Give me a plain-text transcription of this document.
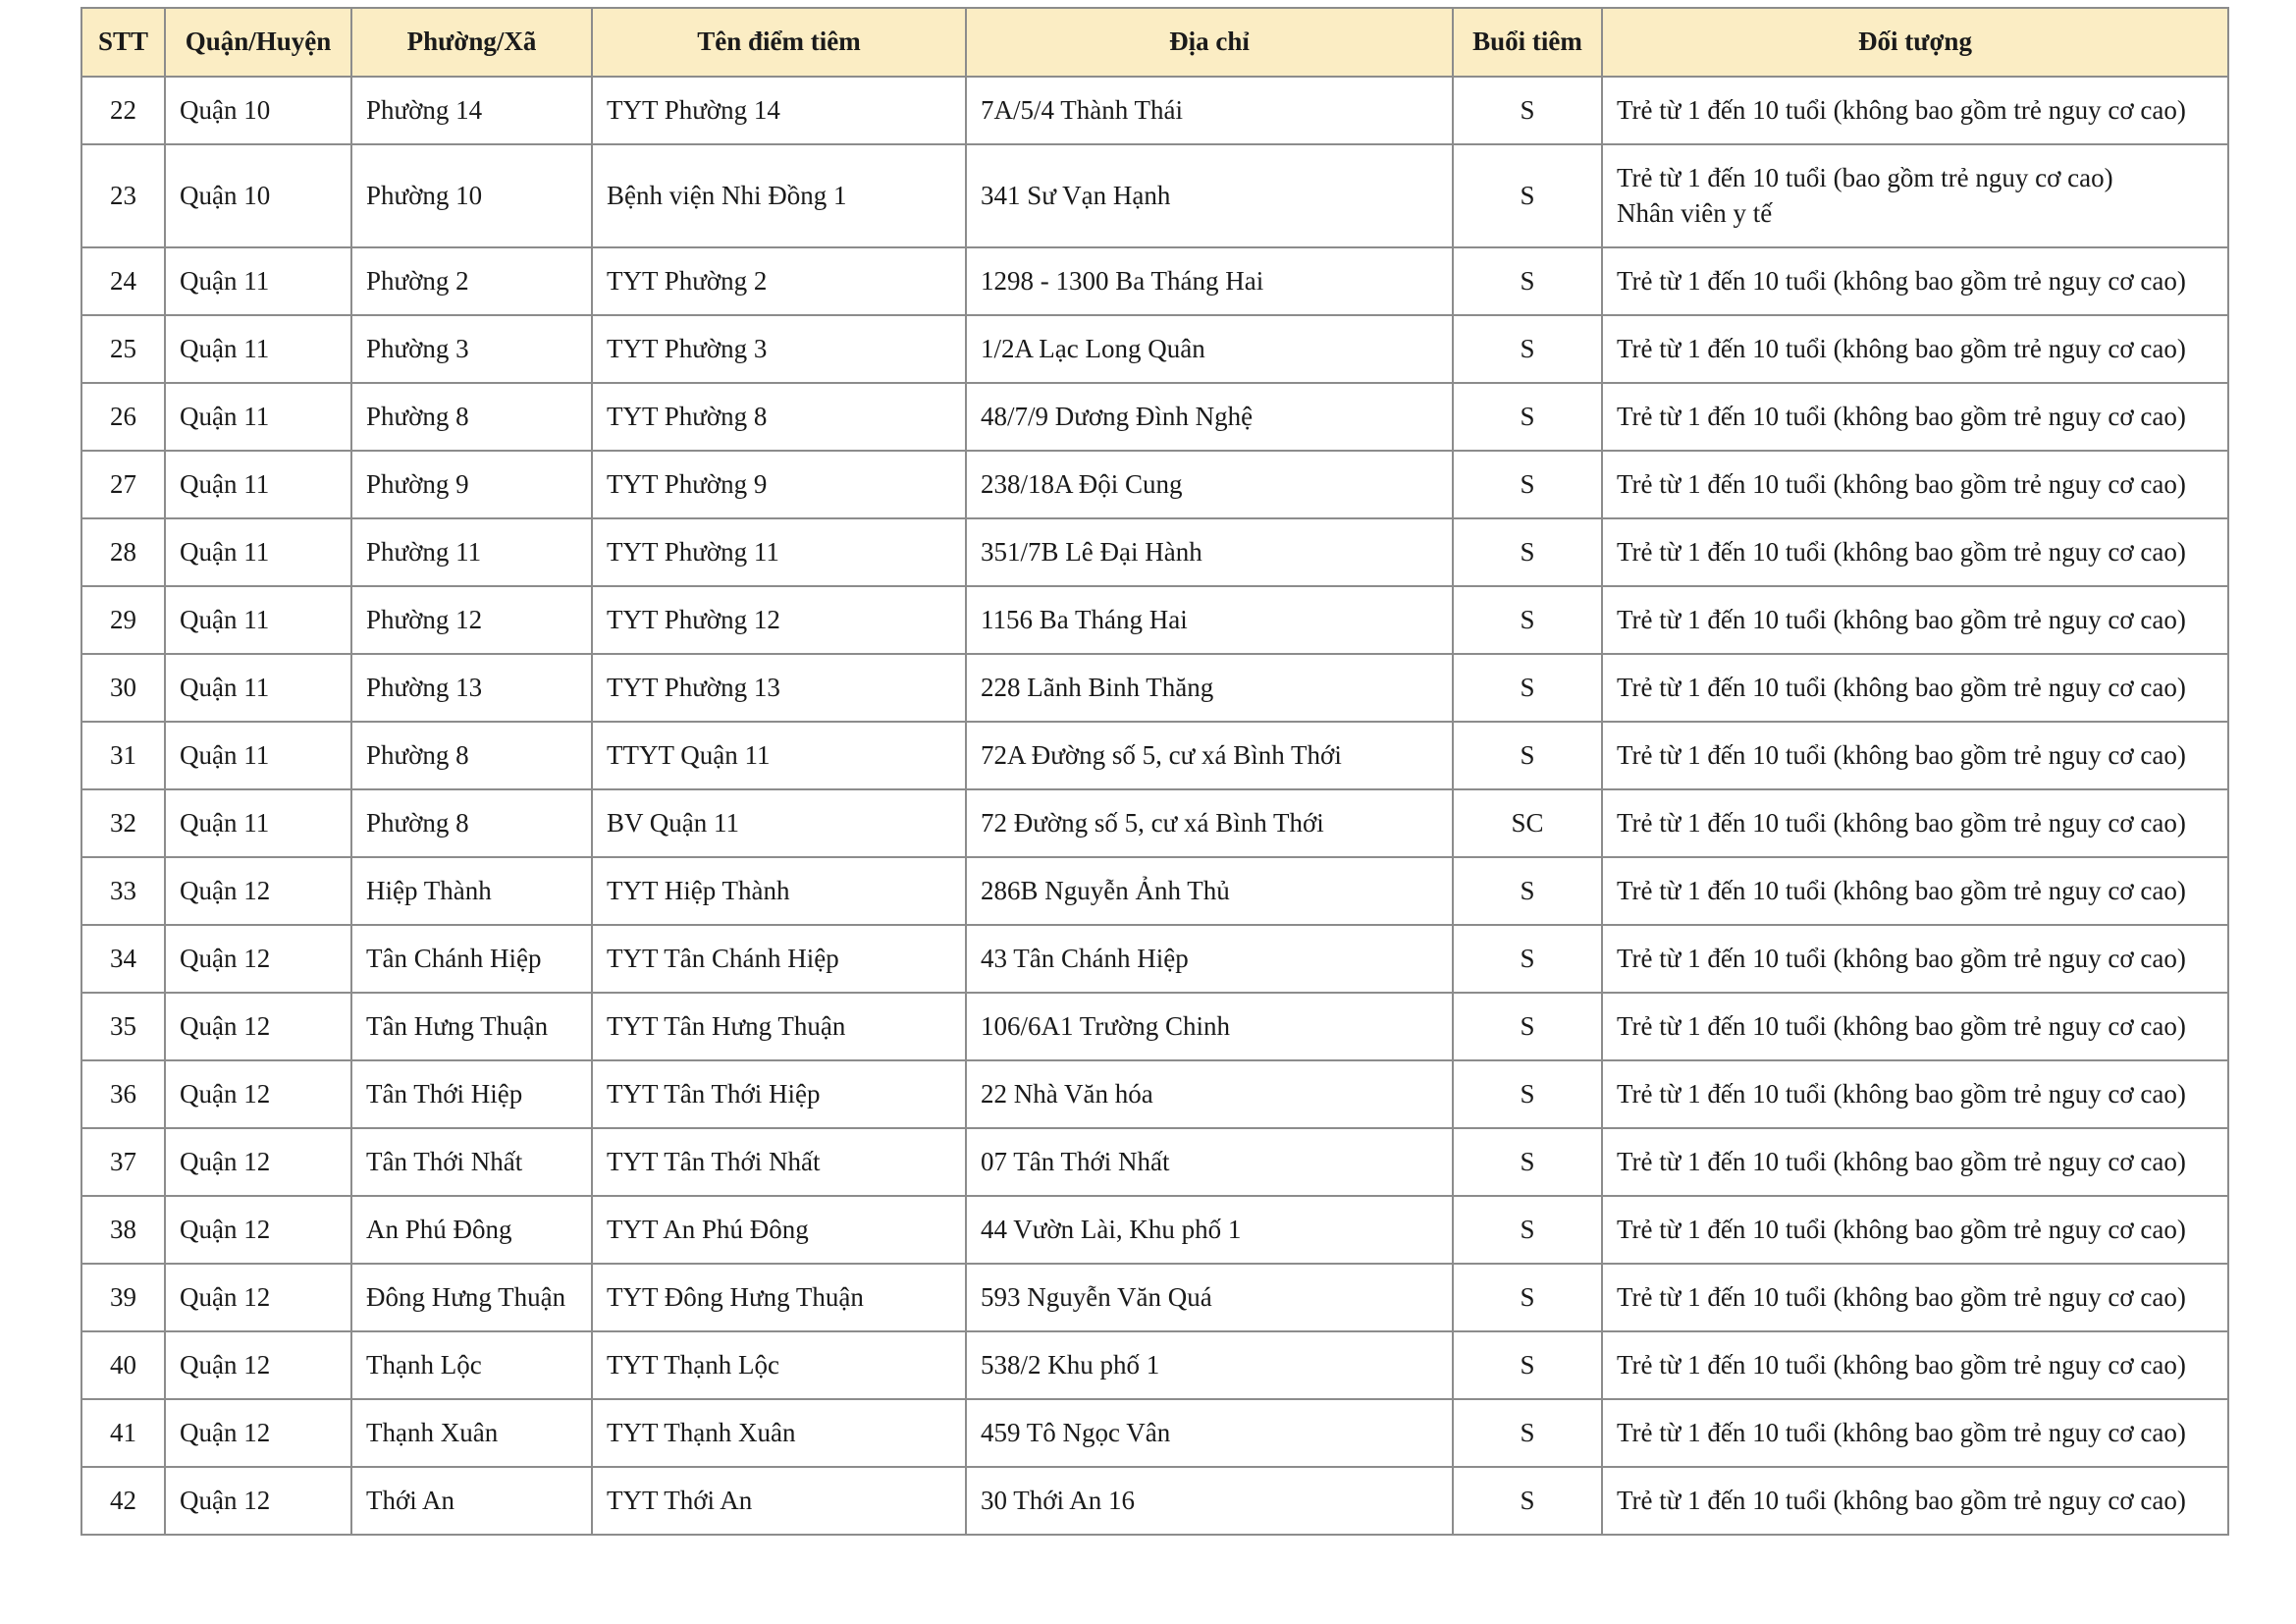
STT	Quận/Huyện	Phường/Xã	Tên điểm tiêm	Địa chỉ	Buổi tiêm	Đối tượng
22	Quận 10	Phường 14	TYT Phường 14	7A/5/4 Thành Thái	S	Trẻ từ 1 đến 10 tuổi (không bao gồm trẻ nguy cơ cao)

23	Quận 10	Phường 10	Bệnh viện Nhi Đồng 1	341 Sư Vạn Hạnh	S	Trẻ từ 1 đến 10 tuổi (bao gồm trẻ nguy cơ cao)
Nhân viên y tế

24	Quận 11	Phường 2	TYT Phường 2	1298 - 1300 Ba Tháng Hai	S	Trẻ từ 1 đến 10 tuổi (không bao gồm trẻ nguy cơ cao)

25	Quận 11	Phường 3	TYT Phường 3	1/2A Lạc Long Quân	S	Trẻ từ 1 đến 10 tuổi (không bao gồm trẻ nguy cơ cao)

26	Quận 11	Phường 8	TYT Phường 8	48/7/9 Dương Đình Nghệ	S	Trẻ từ 1 đến 10 tuổi (không bao gồm trẻ nguy cơ cao)

27	Quận 11	Phường 9	TYT Phường 9	238/18A Đội Cung	S	Trẻ từ 1 đến 10 tuổi (không bao gồm trẻ nguy cơ cao)

28	Quận 11	Phường 11	TYT Phường 11	351/7B Lê Đại Hành	S	Trẻ từ 1 đến 10 tuổi (không bao gồm trẻ nguy cơ cao)

29	Quận 11	Phường 12	TYT Phường 12	1156 Ba Tháng Hai	S	Trẻ từ 1 đến 10 tuổi (không bao gồm trẻ nguy cơ cao)

30	Quận 11	Phường 13	TYT Phường 13	228 Lãnh Binh Thăng	S	Trẻ từ 1 đến 10 tuổi (không bao gồm trẻ nguy cơ cao)

31	Quận 11	Phường 8	TTYT Quận 11	72A Đường số 5, cư xá Bình Thới	S	Trẻ từ 1 đến 10 tuổi (không bao gồm trẻ nguy cơ cao)

32	Quận 11	Phường 8	BV Quận 11	72 Đường số 5, cư xá Bình Thới	SC	Trẻ từ 1 đến 10 tuổi (không bao gồm trẻ nguy cơ cao)

33	Quận 12	Hiệp Thành	TYT Hiệp Thành	286B Nguyễn Ảnh Thủ	S	Trẻ từ 1 đến 10 tuổi (không bao gồm trẻ nguy cơ cao)

34	Quận 12	Tân Chánh Hiệp	TYT Tân Chánh Hiệp	43 Tân Chánh Hiệp	S	Trẻ từ 1 đến 10 tuổi (không bao gồm trẻ nguy cơ cao)

35	Quận 12	Tân Hưng Thuận	TYT Tân Hưng Thuận	106/6A1 Trường Chinh	S	Trẻ từ 1 đến 10 tuổi (không bao gồm trẻ nguy cơ cao)

36	Quận 12	Tân Thới Hiệp	TYT Tân Thới Hiệp	22 Nhà Văn hóa	S	Trẻ từ 1 đến 10 tuổi (không bao gồm trẻ nguy cơ cao)

37	Quận 12	Tân Thới Nhất	TYT Tân Thới Nhất	07 Tân Thới Nhất	S	Trẻ từ 1 đến 10 tuổi (không bao gồm trẻ nguy cơ cao)

38	Quận 12	An Phú Đông	TYT An Phú Đông	44 Vườn Lài, Khu phố 1	S	Trẻ từ 1 đến 10 tuổi (không bao gồm trẻ nguy cơ cao)

39	Quận 12	Đông Hưng Thuận	TYT Đông Hưng Thuận	593 Nguyễn Văn Quá	S	Trẻ từ 1 đến 10 tuổi (không bao gồm trẻ nguy cơ cao)

40	Quận 12	Thạnh Lộc	TYT Thạnh Lộc	538/2 Khu phố 1	S	Trẻ từ 1 đến 10 tuổi (không bao gồm trẻ nguy cơ cao)

41	Quận 12	Thạnh Xuân	TYT Thạnh Xuân	459 Tô Ngọc Vân	S	Trẻ từ 1 đến 10 tuổi (không bao gồm trẻ nguy cơ cao)

42	Quận 12	Thới An	TYT Thới An	30 Thới An 16	S	Trẻ từ 1 đến 10 tuổi (không bao gồm trẻ nguy cơ cao)
